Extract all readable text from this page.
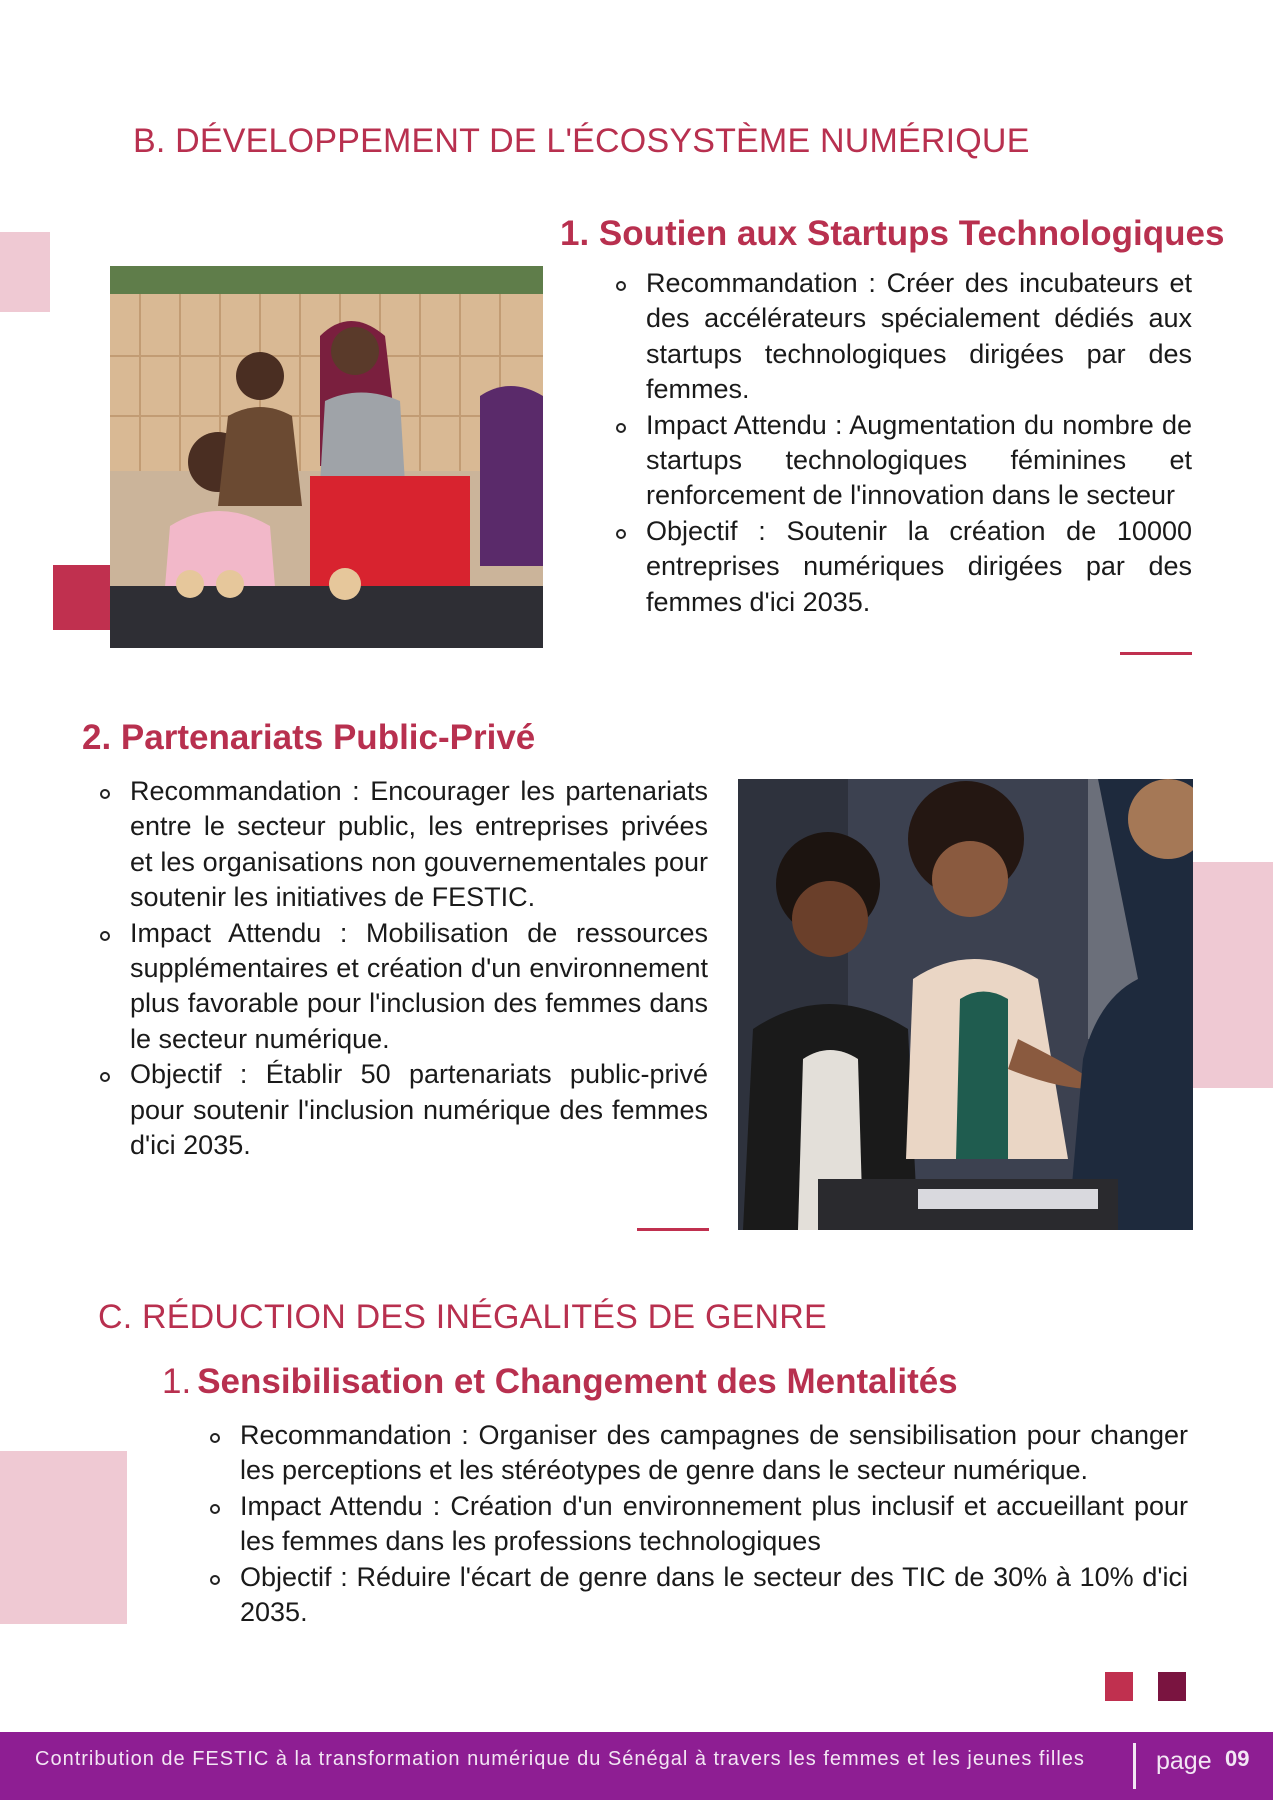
B. DÉVELOPPEMENT DE L'ÉCOSYSTÈME NUMÉRIQUE
1. Soutien aux Startups Technologiques
Recommandation : Créer des incubateurs et des accélérateurs spécialement dédiés aux startups technologiques dirigées par des femmes.
Impact Attendu : Augmentation du nombre de startups technologiques féminines et renforcement de l'innovation dans le secteur
Objectif : Soutenir la création de 10000 entreprises numériques dirigées par des femmes d'ici 2035.
2. Partenariats Public-Privé
Recommandation : Encourager les partenariats entre le secteur public, les entreprises privées et les organisations non gouvernementales pour soutenir les initiatives de FESTIC.
Impact Attendu : Mobilisation de ressources supplémentaires et création d'un environnement plus favorable pour l'inclusion des femmes dans le secteur numérique.
Objectif : Établir 50 partenariats public-privé pour soutenir l'inclusion numérique des femmes d'ici 2035.
C. RÉDUCTION DES INÉGALITÉS DE GENRE
1. Sensibilisation et Changement des Mentalités
Recommandation : Organiser des campagnes de sensibilisation pour changer les perceptions et les stéréotypes de genre dans le secteur numérique.
Impact Attendu : Création d'un environnement plus inclusif et accueillant pour les femmes dans les professions technologiques
Objectif : Réduire l'écart de genre dans le secteur des TIC de 30% à 10% d'ici 2035.
Contribution de FESTIC à la transformation numérique du Sénégal à travers les femmes et les jeunes filles	page 09
